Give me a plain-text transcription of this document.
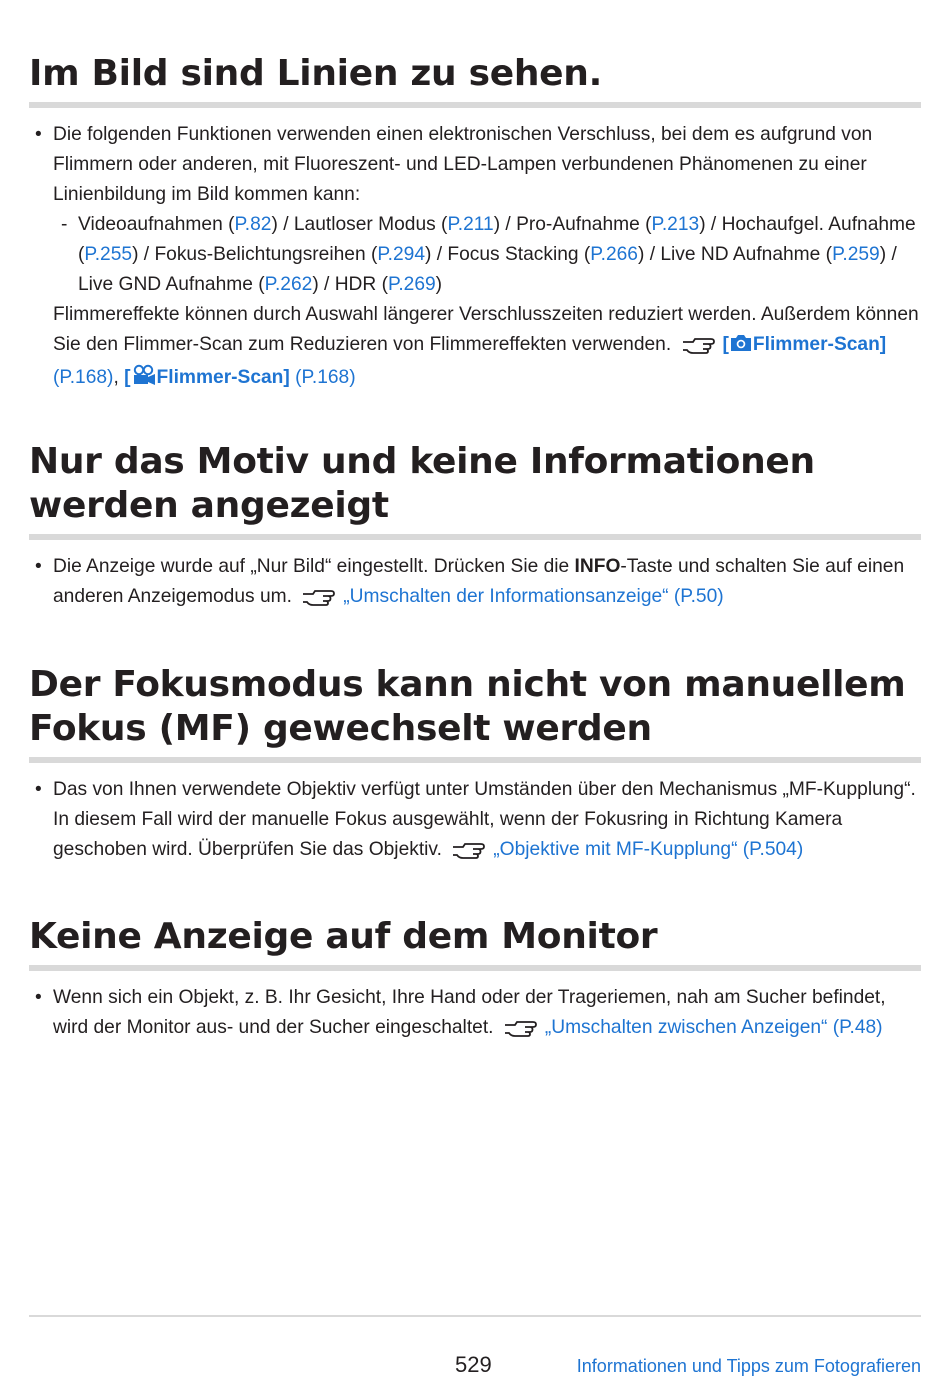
Im Bild sind Linien zu sehen.
• Die folgenden Funktionen verwenden einen elektronischen Verschluss, bei dem es aufgrund von Flimmern oder anderen, mit Fluoreszent- und LED-Lampen verbundenen Phänomenen zu einer Linienbildung im Bild kommen kann:
- Videoaufnahmen (P.82) / Lautloser Modus (P.211) / Pro-Aufnahme (P.213) / Hochaufgel. Aufnahme (P.255) / Fokus-Belichtungsreihen (P.294) / Focus Stacking (P.266) / Live ND Aufnahme (P.259) / Live GND Aufnahme (P.262) / HDR (P.269)
Flimmereffekte können durch Auswahl längerer Verschlusszeiten reduziert werden. Außerdem können Sie den Flimmer-Scan zum Reduzieren von Flimmereffekten verwenden.	[ Flimmer-Scan] (P.168), [ Flimmer-Scan] (P.168)
Nur das Motiv und keine Informationen werden angezeigt
• Die Anzeige wurde auf „Nur Bild“ eingestellt. Drücken Sie die INFO-Taste und schalten Sie auf einen anderen Anzeigemodus um.	„Umschalten der Informationsanzeige“ (P.50)
Der Fokusmodus kann nicht von manuellem Fokus (MF) gewechselt werden
• Das von Ihnen verwendete Objektiv verfügt unter Umständen über den Mechanismus „MF-Kupplung“. In diesem Fall wird der manuelle Fokus ausgewählt, wenn der Fokusring in Richtung Kamera geschoben wird. Überprüfen Sie das Objektiv.	„Objektive mit MF-Kupplung“ (P.504)
Keine Anzeige auf dem Monitor
• Wenn sich ein Objekt, z. B. Ihr Gesicht, Ihre Hand oder der Trageriemen, nah am Sucher befindet, wird der Monitor aus- und der Sucher eingeschaltet.	„Umschalten zwischen Anzeigen“ (P.48)
529	Informationen und Tipps zum Fotografieren
